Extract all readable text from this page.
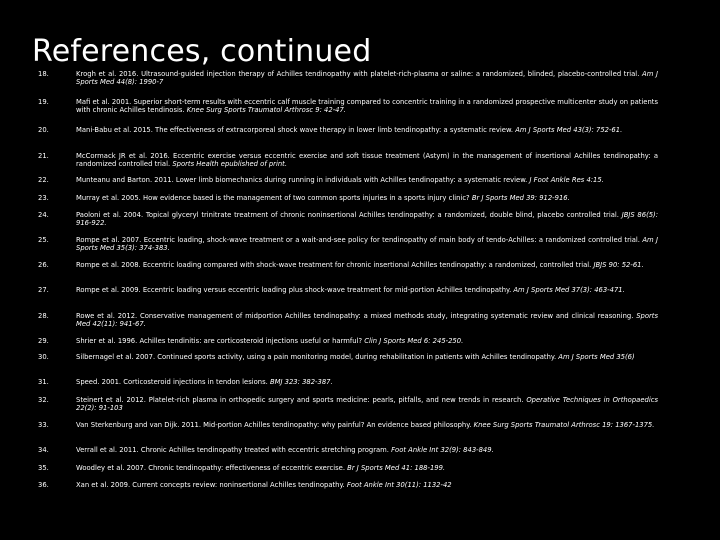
References, continued
18.	Krogh et al. 2016. Ultrasound-guided injection therapy of Achilles tendinopathy with platelet-rich-plasma or saline: a randomized, blinded, placebo-controlled trial. Am J Sports Med 44(8): 1990-7
19.	Mafi et al. 2001. Superior short-term results with eccentric calf muscle training compared to concentric training in a randomized prospective multicenter study on patients with chronic Achilles tendinosis. Knee Surg Sports Traumatol Arthrosc 9: 42-47.
20.	Mani-Babu et al. 2015. The effectiveness of extracorporeal shock wave therapy in lower limb tendinopathy: a systematic review. Am J Sports Med 43(3): 752-61.
21.	McCormack JR et al. 2016. Eccentric exercise versus eccentric exercise and soft tissue treatment (Astym) in the management of insertional Achilles tendinopathy: a randomized controlled trial. Sports Health epublished of print.
22.	Munteanu and Barton. 2011. Lower limb biomechanics during running in individuals with Achilles tendinopathy: a systematic review. J Foot Ankle Res 4:15.
23.	Murray et al. 2005. How evidence based is the management of two common sports injuries in a sports injury clinic? Br J Sports Med 39: 912-916.
24.	Paoloni et al. 2004. Topical glyceryl trinitrate treatment of chronic noninsertional Achilles tendinopathy: a randomized, double blind, placebo controlled trial. JBJS 86(5): 916-922.
25.	Rompe et al. 2007. Eccentric loading, shock-wave treatment or a wait-and-see policy for tendinopathy of main body of tendo-Achilles: a randomized controlled trial. Am J Sports Med 35(3): 374-383.
26.	Rompe et al. 2008. Eccentric loading compared with shock-wave treatment for chronic insertional Achilles tendinopathy: a randomized, controlled trial. JBJS 90: 52-61.
27.	Rompe et al. 2009. Eccentric loading versus eccentric loading plus shock-wave treatment for mid-portion Achilles tendinopathy. Am J Sports Med 37(3): 463-471.
28.	Rowe et al. 2012. Conservative management of midportion Achilles tendinopathy: a mixed methods study, integrating systematic review and clinical reasoning. Sports Med 42(11): 941-67.
29.	Shrier et al. 1996. Achilles tendinitis: are corticosteroid injections useful or harmful? Clin J Sports Med 6: 245-250.
30.	Silbernagel et al. 2007. Continued sports activity, using a pain monitoring model, during rehabilitation in patients with Achilles tendinopathy. Am J Sports Med 35(6)
31.	Speed. 2001. Corticosteroid injections in tendon lesions. BMJ 323: 382-387.
32.	Steinert et al. 2012. Platelet-rich plasma in orthopedic surgery and sports medicine: pearls, pitfalls, and new trends in research. Operative Techniques in Orthopaedics 22(2): 91-103
33.	Van Sterkenburg and van Dijk. 2011. Mid-portion Achilles tendinopathy: why painful? An evidence based philosophy. Knee Surg Sports Traumatol Arthrosc 19: 1367-1375.
34.	Verrall et al. 2011. Chronic Achilles tendinopathy treated with eccentric stretching program. Foot Ankle Int 32(9): 843-849.
35.	Woodley et al. 2007. Chronic tendinopathy: effectiveness of eccentric exercise. Br J Sports Med 41: 188-199.
36.	Xan et al. 2009. Current concepts review: noninsertional Achilles tendinopathy. Foot Ankle Int 30(11): 1132-42
